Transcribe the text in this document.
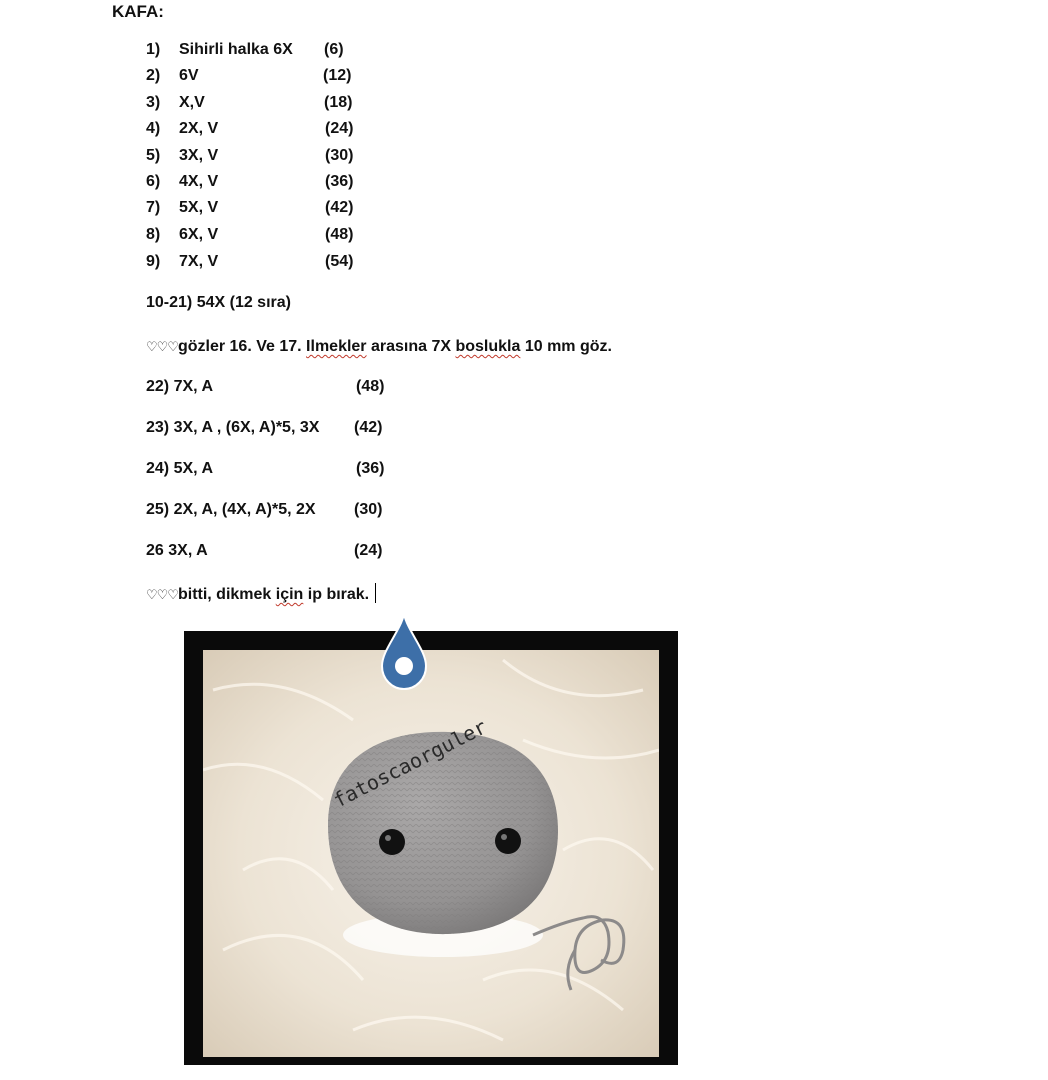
KAFA:
1)	Sihirli halka 6X (6)
2)	6V	(12)
3)	X,V	(18)
4)	2X, V	(24)
5)	3X, V	(30)
6)	4X, V	(36)
7)	5X, V	(42)
8)	6X, V	(48)
9)	7X, V	(54)
10-21) 54X (12 sıra)
♡♡♡gözler 16. Ve 17. Ilmekler arasına 7X boslukla 10 mm göz.
22) 7X, A	(48)
23) 3X, A , (6X, A)*5, 3X (42)
24) 5X, A	(36)
25) 2X, A, (4X, A)*5, 2X (30)
26 3X, A	(24)
♡♡♡bitti, dikmek için ip bırak.
fatoscaorguler
